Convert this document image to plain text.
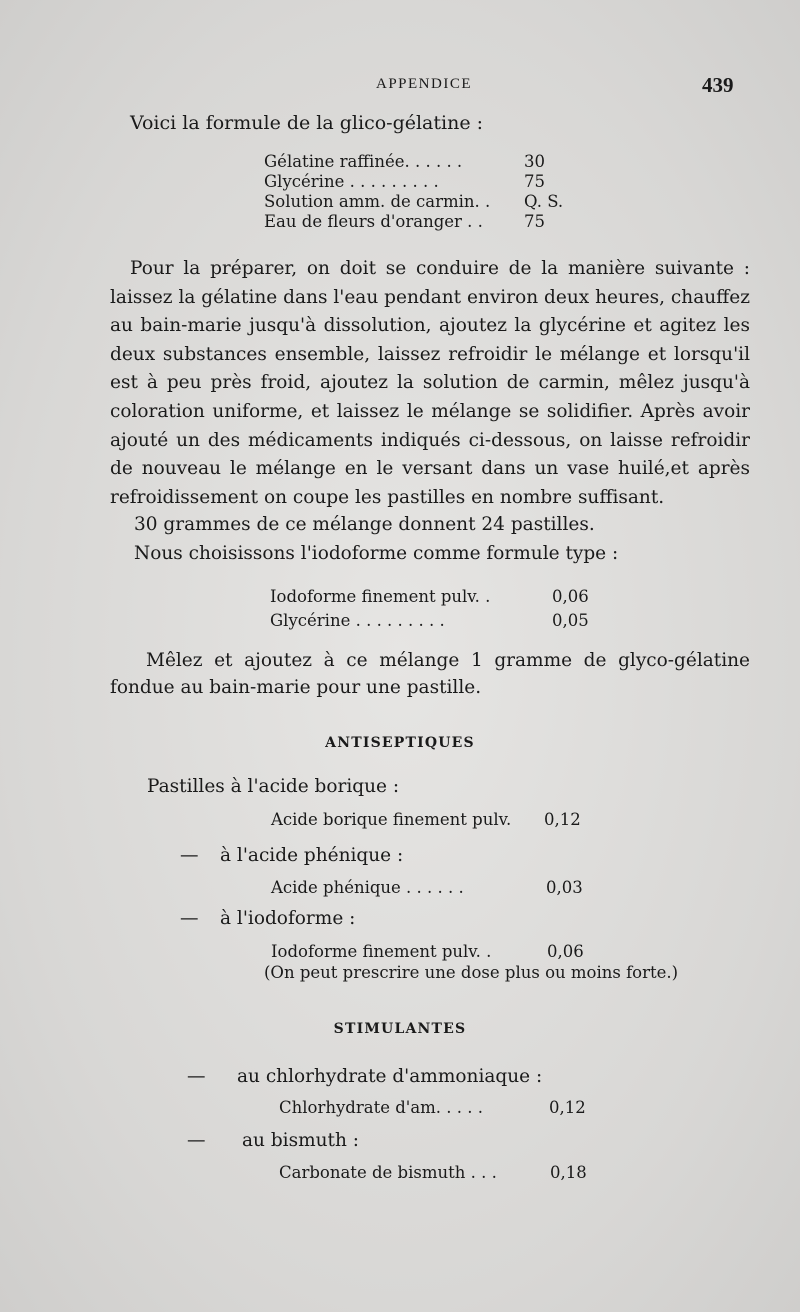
APPENDICE	439
Voici la formule de la glico-gélatine :
Gélatine raffinée. . . . . .	30
Glycérine . . . . . . . . .	75
Solution amm. de carmin. .	Q. S.
Eau de fleurs d'oranger . .	75

Pour la préparer, on doit se conduire de la manière suivante : laissez la gélatine dans l'eau pendant environ deux heures, chauffez au bain-marie jusqu'à dissolution, ajoutez la glycérine et agitez les deux substances ensemble, laissez refroidir le mélange et lorsqu'il est à peu près froid, ajoutez la solution de carmin, mêlez jusqu'à coloration uniforme, et laissez le mélange se solidifier. Après avoir ajouté un des médicaments indiqués ci-dessous, on laisse refroidir de nouveau le mélange en le versant dans un vase huilé,et après refroidissement on coupe les pastilles en nombre suffisant.

30 grammes de ce mélange donnent 24 pastilles.

Nous choisissons l'iodoforme comme formule type :

Iodoforme finement pulv. .	0,06
Glycérine . . . . . . . . .	0,05

Mêlez et ajoutez à ce mélange 1 gramme de glyco-gélatine fondue au bain-marie pour une pastille.

ANTISEPTIQUES
Pastilles à l'acide borique :
Acide borique finement pulv. 0,12
— à l'acide phénique :
Acide phénique . . . . . .	0,03
— à l'iodoforme :
Iodoforme finement pulv. .	0,06
(On peut prescrire une dose plus ou moins forte.)
STIMULANTES
— au chlorhydrate d'ammoniaque :
Chlorhydrate d'am. . . . .	0,12
— au bismuth :
Carbonate de bismuth . . .	0,18
